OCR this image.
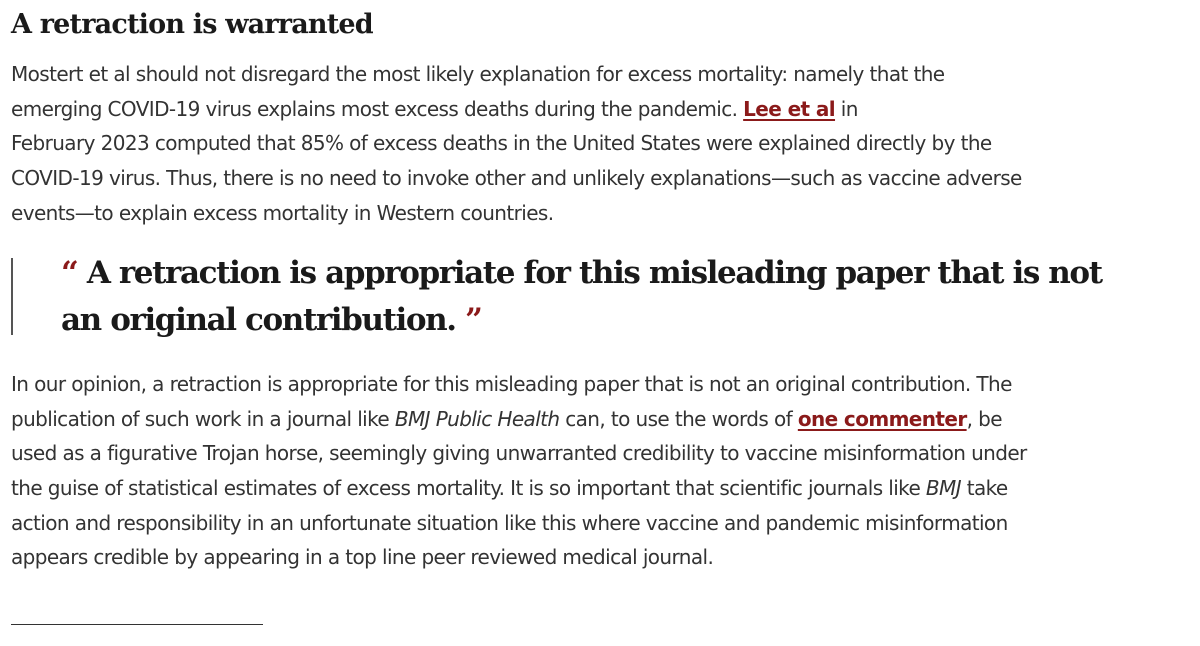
A retraction is warranted

Mostert et al should not disregard the most likely explanation for excess mortality: namely that the
emerging COVID-19 virus explains most excess deaths during the pandemic. Lee et al in
February 2023 computed that 85% of excess deaths in the United States were explained directly by the
COVID-19 virus. Thus, there is no need to invoke other and unlikely explanations—such as vaccine adverse
events—to explain excess mortality in Western countries.

“ A retraction is appropriate for this misleading paper that is not
an original contribution. ”

In our opinion, a retraction is appropriate for this misleading paper that is not an original contribution. The
publication of such work in a journal like BMJ Public Health can, to use the words of one commenter, be
used as a figurative Trojan horse, seemingly giving unwarranted credibility to vaccine misinformation under
the guise of statistical estimates of excess mortality. It is so important that scientific journals like BMJ take
action and responsibility in an unfortunate situation like this where vaccine and pandemic misinformation
appears credible by appearing in a top line peer reviewed medical journal.
